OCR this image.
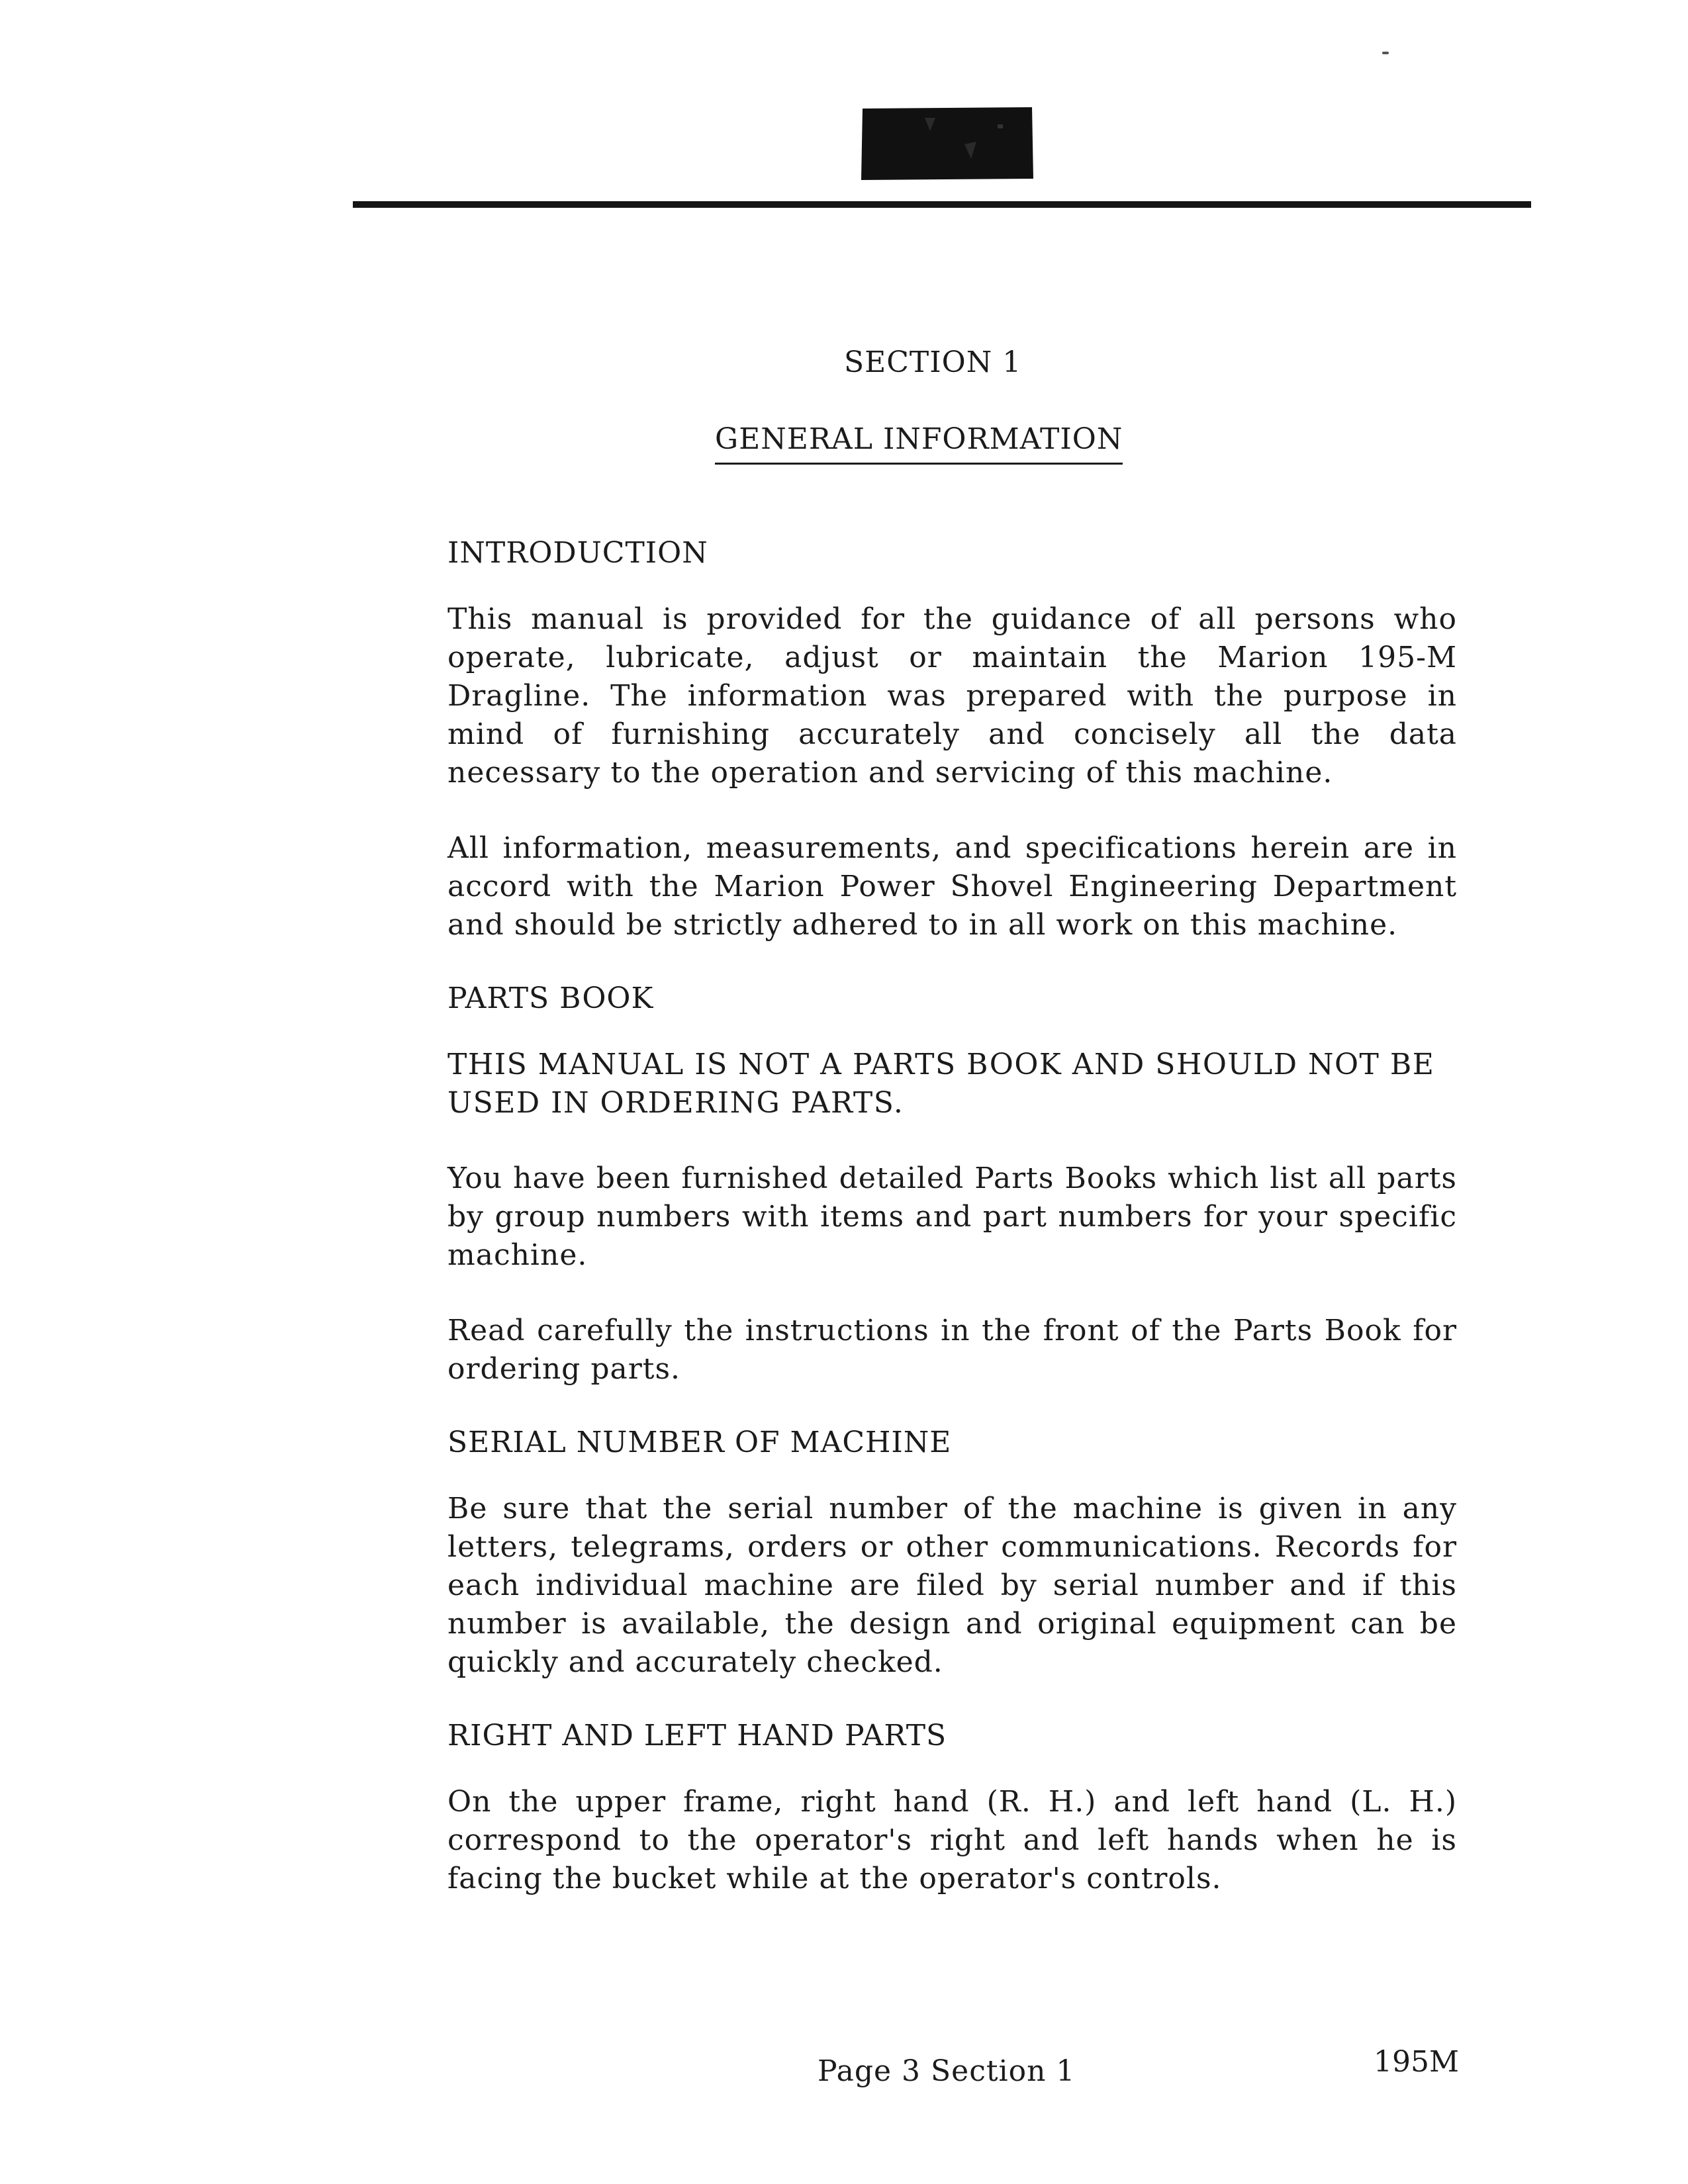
SECTION 1
GENERAL INFORMATION
INTRODUCTION

This manual is provided for the guidance of all persons who operate, lubricate, adjust or maintain the Marion 195-M Dragline. The information was prepared with the purpose in mind of furnishing accurately and concisely all the data necessary to the operation and servicing of this machine.

All information, measurements, and specifications herein are in accord with the Marion Power Shovel Engineering Department and should be strictly adhered to in all work on this machine.

PARTS BOOK

THIS MANUAL IS NOT A PARTS BOOK AND SHOULD NOT BE USED IN ORDERING PARTS.

You have been furnished detailed Parts Books which list all parts by group numbers with items and part numbers for your specific machine.

Read carefully the instructions in the front of the Parts Book for ordering parts.

SERIAL NUMBER OF MACHINE

Be sure that the serial number of the machine is given in any letters, telegrams, orders or other communications. Records for each individual machine are filed by serial number and if this number is available, the design and original equipment can be quickly and accurately checked.

RIGHT AND LEFT HAND PARTS

On the upper frame, right hand (R. H.) and left hand (L. H.) correspond to the operator's right and left hands when he is facing the bucket while at the operator's controls.

Page 3 Section 1	195M
